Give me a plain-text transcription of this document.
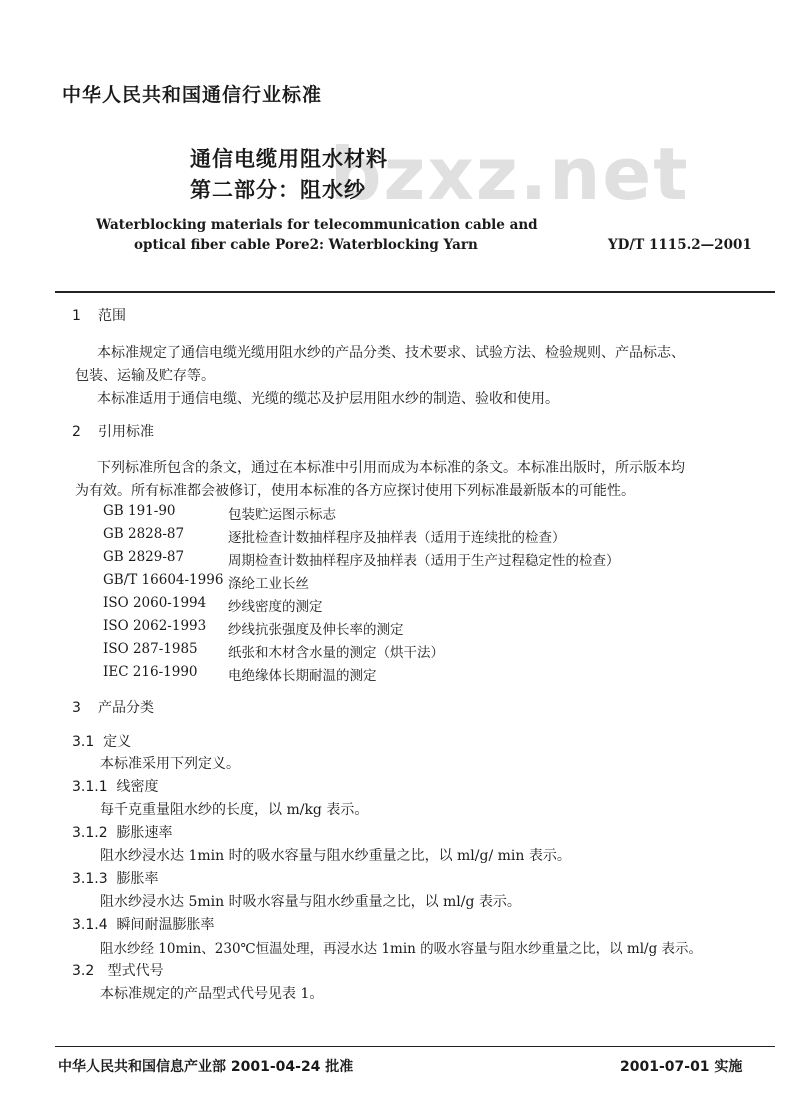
中华人民共和国通信行业标准
bzxz.net
通信电缆用阻水材料
第二部分：阻水纱
Waterblocking materials for telecommunication cable and
optical fiber cable Pore2: Waterblocking Yarn	YD/T 1115.2—2001
1 范围
本标准规定了通信电缆光缆用阻水纱的产品分类、技术要求、试验方法、检验规则、产品标志、
包装、运输及贮存等。
本标准适用于通信电缆、光缆的缆芯及护层用阻水纱的制造、验收和使用。
2 引用标准
下列标准所包含的条文，通过在本标准中引用而成为本标准的条文。本标准出版时，所示版本均
为有效。所有标准都会被修订，使用本标准的各方应探讨使用下列标准最新版本的可能性。
GB 191-90	包装贮运图示标志
GB 2828-87	逐批检查计数抽样程序及抽样表（适用于连续批的检查）
GB 2829-87	周期检查计数抽样程序及抽样表（适用于生产过程稳定性的检查）
GB/T 16604-1996 涤纶工业长丝
ISO 2060-1994 纱线密度的测定
ISO 2062-1993 纱线抗张强度及伸长率的测定
ISO 287-1985 纸张和木材含水量的测定（烘干法）
IEC 216-1990 电绝缘体长期耐温的测定
3 产品分类
3.1 定义
本标准采用下列定义。
3.1.1 线密度
每千克重量阻水纱的长度，以 m/kg 表示。
3.1.2 膨胀速率
阻水纱浸水达 1min 时的吸水容量与阻水纱重量之比，以 ml/g/ min 表示。
3.1.3 膨胀率
阻水纱浸水达 5min 时吸水容量与阻水纱重量之比，以 ml/g 表示。
3.1.4 瞬间耐温膨胀率
阻水纱经 10min、230℃恒温处理，再浸水达 1min 的吸水容量与阻水纱重量之比，以 ml/g 表示。
3.2 型式代号
本标准规定的产品型式代号见表 1。
中华人民共和国信息产业部 2001-04-24 批准	2001-07-01 实施
